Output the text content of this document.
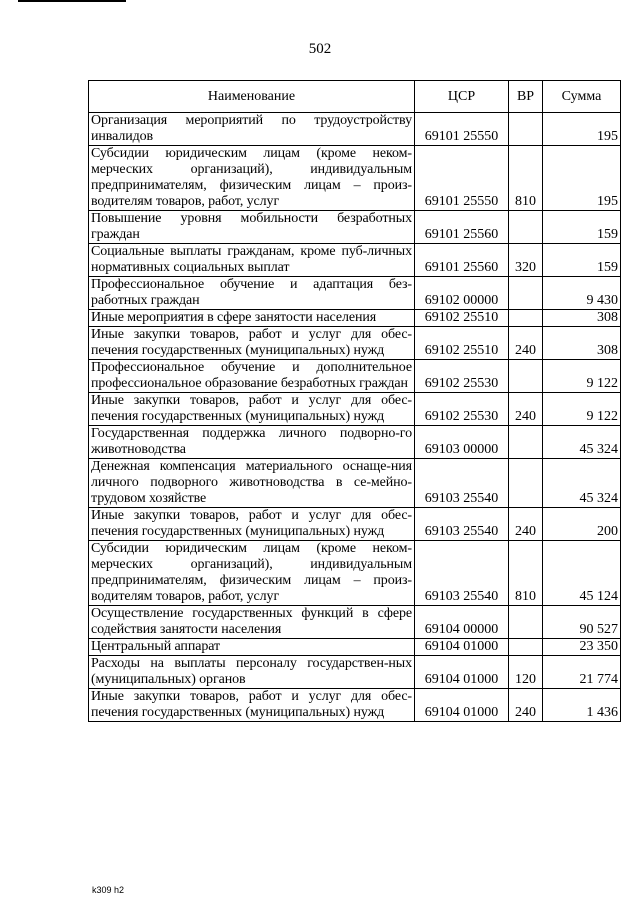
502
Наименование	ЦСР	ВР	Сумма
Организация мероприятий по трудоустройству инвалидов	69101 25550		195
Субсидии юридическим лицам (кроме неком-мерческих организаций), индивидуальным предпринимателям, физическим лицам – произ-водителям товаров, работ, услуг	69101 25550	810	195
Повышение уровня мобильности безработных граждан	69101 25560		159
Социальные выплаты гражданам, кроме пуб-личных нормативных социальных выплат	69101 25560	320	159
Профессиональное обучение и адаптация без-работных граждан	69102 00000		9 430
Иные мероприятия в сфере занятости населения	69102 25510		308
Иные закупки товаров, работ и услуг для обес-печения государственных (муниципальных) нужд	69102 25510	240	308
Профессиональное обучение и дополнительное профессиональное образование безработных граждан	69102 25530		9 122
Иные закупки товаров, работ и услуг для обес-печения государственных (муниципальных) нужд	69102 25530	240	9 122
Государственная поддержка личного подворно-го животноводства	69103 00000		45 324
Денежная компенсация материального оснаще-ния личного подворного животноводства в се-мейно-трудовом хозяйстве	69103 25540		45 324
Иные закупки товаров, работ и услуг для обес-печения государственных (муниципальных) нужд	69103 25540	240	200
Субсидии юридическим лицам (кроме неком-мерческих организаций), индивидуальным предпринимателям, физическим лицам – произ-водителям товаров, работ, услуг	69103 25540	810	45 124
Осуществление государственных функций в сфере содействия занятости населения	69104 00000		90 527
Центральный аппарат	69104 01000		23 350
Расходы на выплаты персоналу государствен-ных (муниципальных) органов	69104 01000	120	21 774
Иные закупки товаров, работ и услуг для обес-печения государственных (муниципальных) нужд	69104 01000	240	1 436
k309 h2
